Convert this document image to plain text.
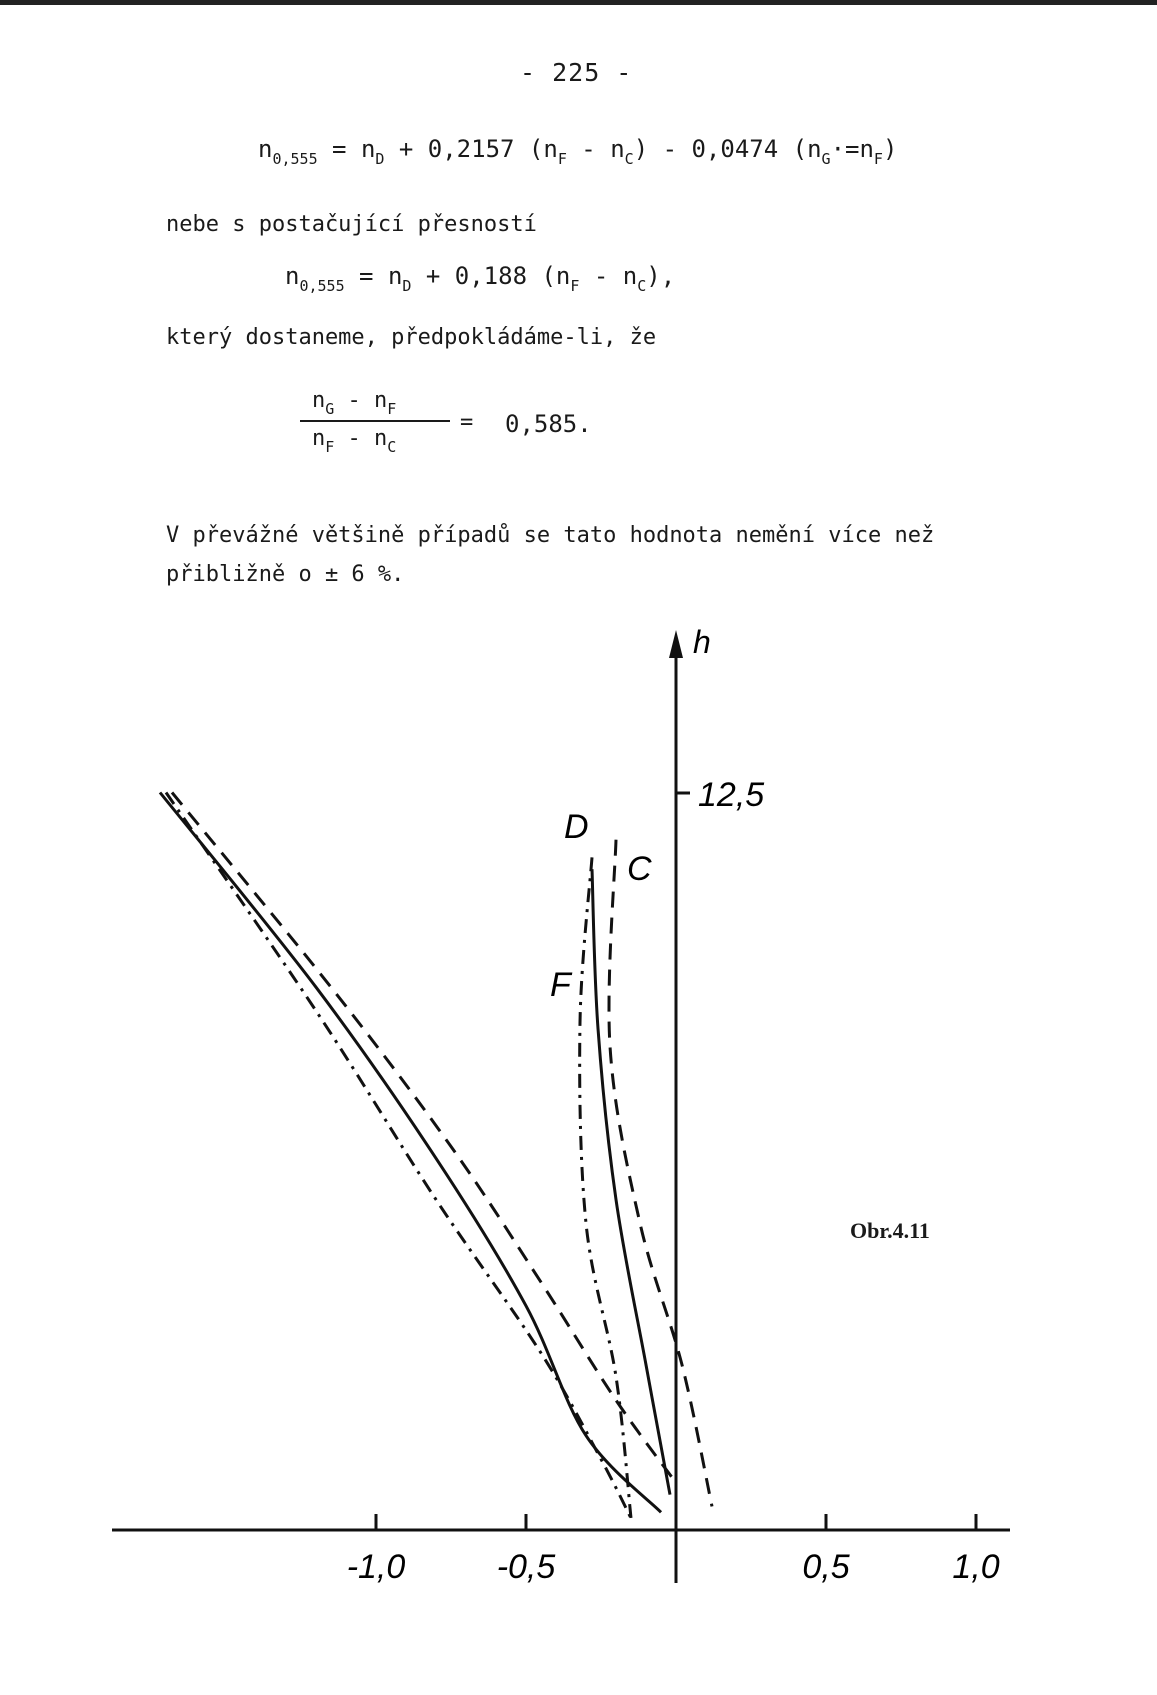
- 225 -
$n_{0,555} = n_D + 0,2157$ $(n_F - n_C) - 0,0474$ $(n_G\cdot=n_F)$
nebe s postačující přesností
$n_{0,555} = n_D + 0,188$ $(n_F - n_C)$,
který dostaneme, předpokládáme-li, že
$n_G - n_F$
$n_F - n_C$
= 0,585.
V převážné většině případů se tato hodnota nemění více než
přibližně o ± 6 %.
-1,0	-0,5	0,5	1,0
h
12,5
D
C
F
Obr.4.11
